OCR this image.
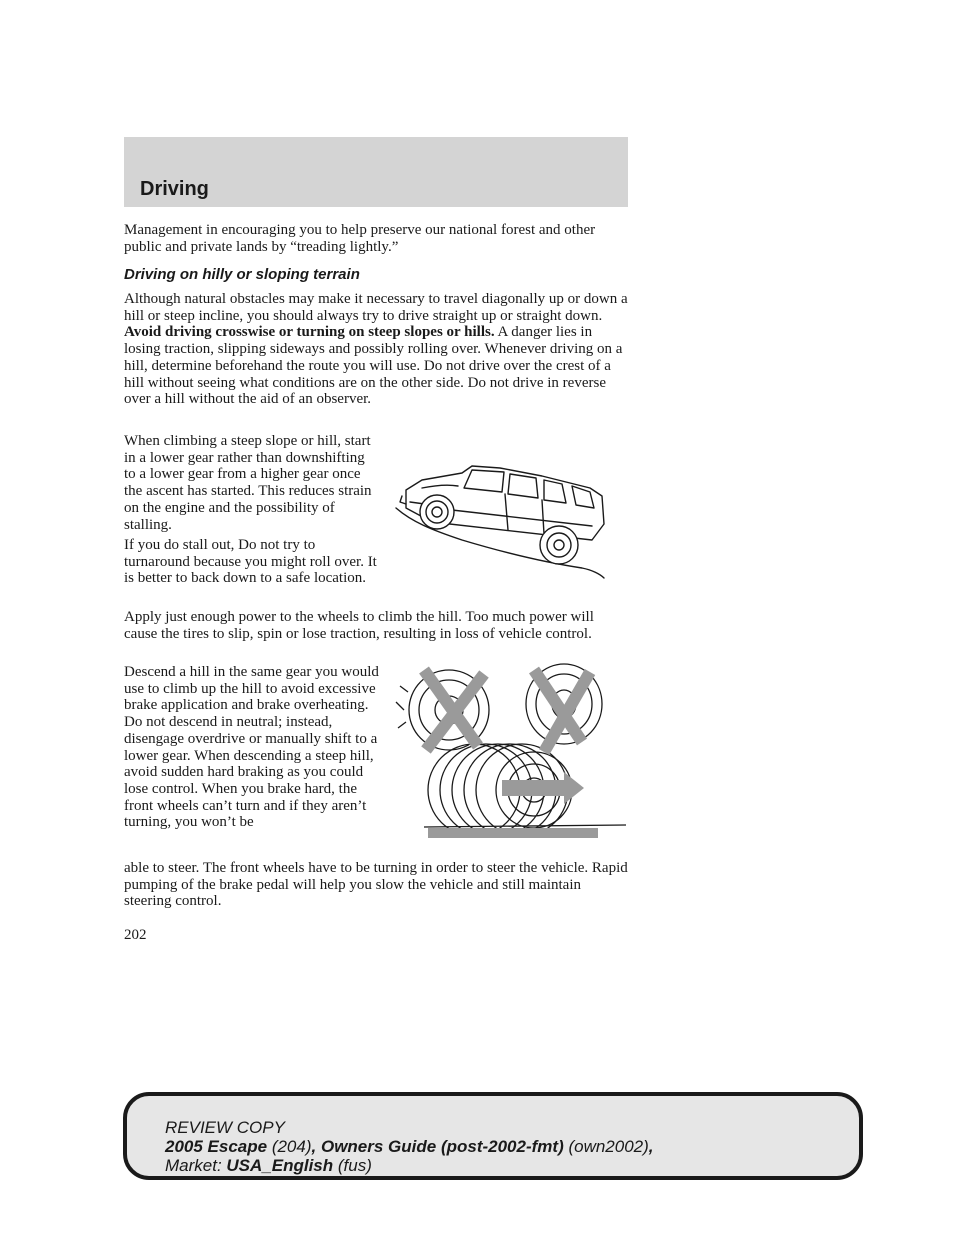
Driving

Management in encouraging you to help preserve our national forest and other public and private lands by “treading lightly.”

Driving on hilly or sloping terrain

Although natural obstacles may make it necessary to travel diagonally up or down a hill or steep incline, you should always try to drive straight up or straight down. Avoid driving crosswise or turning on steep slopes or hills. A danger lies in losing traction, slipping sideways and possibly rolling over. Whenever driving on a hill, determine beforehand the route you will use. Do not drive over the crest of a hill without seeing what conditions are on the other side. Do not drive in reverse over a hill without the aid of an observer.

When climbing a steep slope or hill, start in a lower gear rather than downshifting to a lower gear from a higher gear once the ascent has started. This reduces strain on the engine and the possibility of stalling.

If you do stall out, Do not try to turnaround because you might roll over. It is better to back down to a safe location.

Apply just enough power to the wheels to climb the hill. Too much power will cause the tires to slip, spin or lose traction, resulting in loss of vehicle control.

Descend a hill in the same gear you would use to climb up the hill to avoid excessive brake application and brake overheating. Do not descend in neutral; instead, disengage overdrive or manually shift to a lower gear. When descending a steep hill, avoid sudden hard braking as you could lose control. When you brake hard, the front wheels can’t turn and if they aren’t turning, you won’t be

able to steer. The front wheels have to be turning in order to steer the vehicle. Rapid pumping of the brake pedal will help you slow the vehicle and still maintain steering control.

202
REVIEW COPY
2005 Escape (204), Owners Guide (post-2002-fmt) (own2002),
Market: USA_English (fus)
